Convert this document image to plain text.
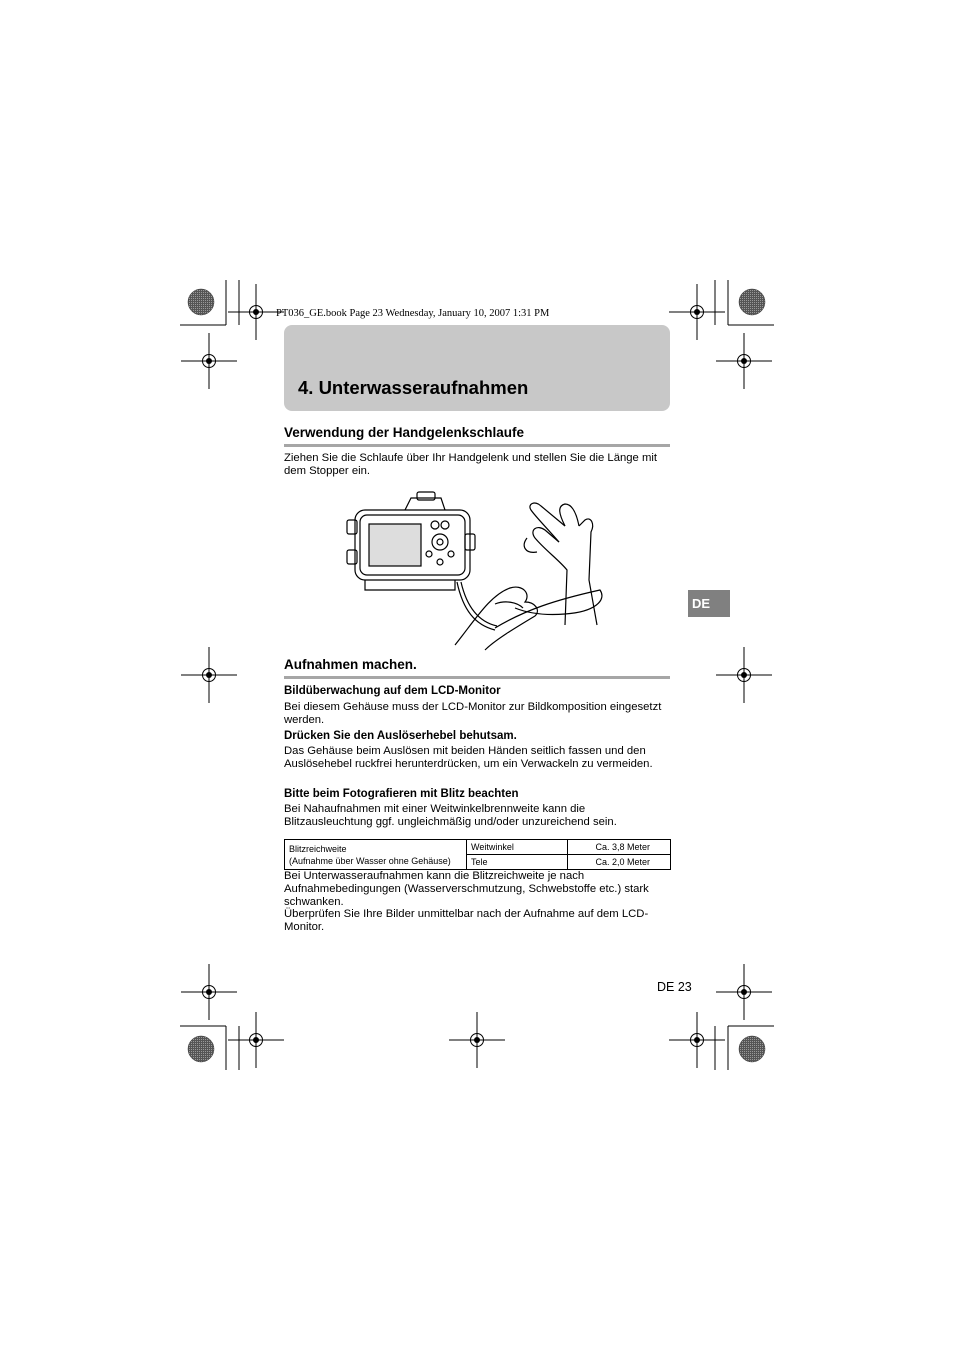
PT036_GE.book Page 23 Wednesday, January 10, 2007 1:31 PM
4. Unterwasseraufnahmen
Verwendung der Handgelenkschlaufe
Ziehen Sie die Schlaufe über Ihr Handgelenk und stellen Sie die Länge mit dem Stopper ein.
DE
Aufnahmen machen.
Bildüberwachung auf dem LCD-Monitor
Bei diesem Gehäuse muss der LCD-Monitor zur Bildkomposition eingesetzt werden.
Drücken Sie den Auslöserhebel behutsam.
Das Gehäuse beim Auslösen mit beiden Händen seitlich fassen und den Auslösehebel ruckfrei herunterdrücken, um ein Verwackeln zu vermeiden.
Bitte beim Fotografieren mit Blitz beachten
Bei Nahaufnahmen mit einer Weitwinkelbrennweite kann die Blitzausleuchtung ggf. ungleichmäßig und/oder unzureichend sein.
Blitzreichweite
(Aufnahme über Wasser ohne Gehäuse)	Weitwinkel	Ca. 3,8 Meter
	Tele	Ca. 2,0 Meter
Bei Unterwasseraufnahmen kann die Blitzreichweite je nach Aufnahmebedingungen (Wasserverschmutzung, Schwebstoffe etc.) stark schwanken.
Überprüfen Sie Ihre Bilder unmittelbar nach der Aufnahme auf dem LCD-Monitor.
DE 23
